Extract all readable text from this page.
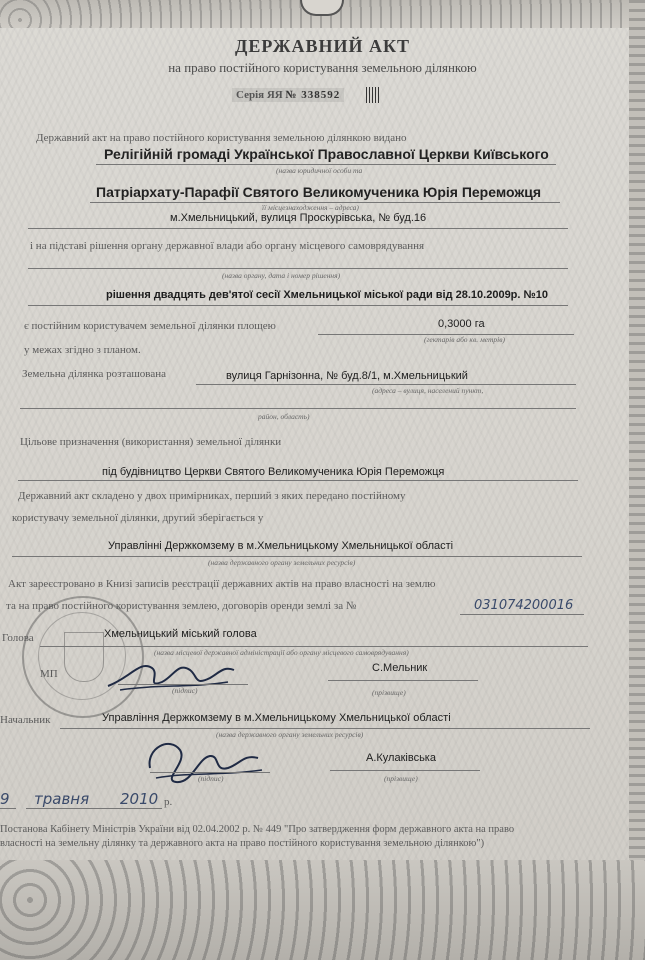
ДЕРЖАВНИЙ АКТ
на право постійного користування земельною ділянкою
Серія ЯЯ № 338592
Державний акт на право постійного користування земельною ділянкою видано
Релігійній громаді Української Православної Церкви Київського
(назва юридичної особи та
Патріархату-Парафії Святого Великомученика Юрія Переможця
її місцезнаходження – адреса)
м.Хмельницький, вулиця Проскурівська, № буд.16
і на підставі рішення органу державної влади або органу місцевого самоврядування
(назва органу, дата і номер рішення)
рішення двадцять дев'ятої сесії Хмельницької міської ради від 28.10.2009р. №10
є постійним користувачем земельної ділянки площею	0,3000 га
(гектарів або кв. метрів)
у межах згідно з планом.
Земельна ділянка розташована	вулиця Гарнізонна, № буд.8/1, м.Хмельницький
(адреса – вулиця, населений пункт,
район, область)
Цільове призначення (використання) земельної ділянки
під будівництво Церкви Святого Великомученика Юрія Переможця
Державний акт складено у двох примірниках, перший з яких передано постійному
користувачу земельної ділянки, другий зберігається у
Управлінні Держкомзему в м.Хмельницькому Хмельницької області
(назва державного органу земельних ресурсів)
Акт зареєстровано в Книзі записів реєстрації державних актів на право власності на землю
та на право постійного користування землею, договорів оренди землі за №	031074200016
Голова	Хмельницький міський голова
(назва місцевої державної адміністрації або органу місцевого самоврядування)
МП
(підпис)
С.Мельник
(прізвище)
Начальник	Управління Держкомзему в м.Хмельницькому Хмельницької області
(назва державного органу земельних ресурсів)
(підпис)
А.Кулаківська
(прізвище)
9 травня 2010 р.
Постанова Кабінету Міністрів України від 02.04.2002 р. № 449 "Про затвердження форм державного акта на право
власності на земельну ділянку та державного акта на право постійного користування земельною ділянкою")
